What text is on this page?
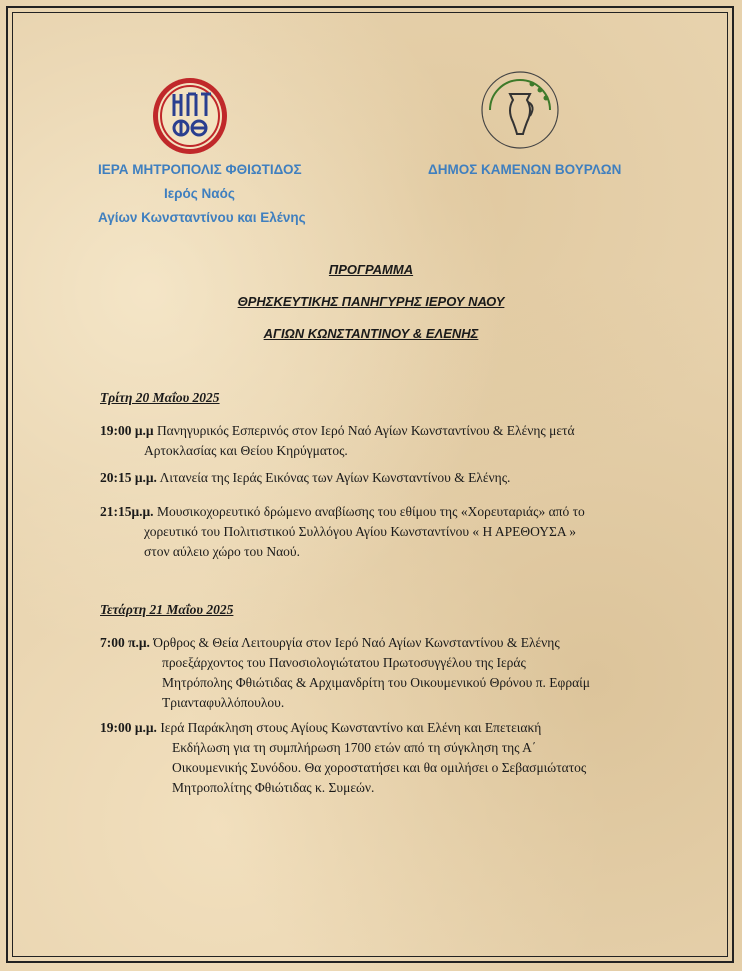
ΙΕΡΑ ΜΗΤΡΟΠΟΛΙΣ ΦΘΙΩΤΙΔΟΣ
Ιερός Ναός
Αγίων Κωνσταντίνου και Ελένης
ΔΗΜΟΣ ΚΑΜΕΝΩΝ ΒΟΥΡΛΩΝ
ΠΡΟΓΡΑΜΜΑ
ΘΡΗΣΚΕΥΤΙΚΗΣ ΠΑΝΗΓΥΡΗΣ ΙΕΡΟΥ ΝΑΟΥ
ΑΓΙΩΝ ΚΩΝΣΤΑΝΤΙΝΟΥ & ΕΛΕΝΗΣ
Τρίτη 20 Μαΐου 2025
19:00 μ.μ Πανηγυρικός Εσπερινός στον Ιερό Ναό Αγίων Κωνσταντίνου & Ελένης μετά
Αρτοκλασίας και Θείου Κηρύγματος.
20:15 μ.μ. Λιτανεία της Ιεράς Εικόνας των Αγίων Κωνσταντίνου & Ελένης.
21:15μ.μ. Μουσικοχορευτικό δρώμενο αναβίωσης του εθίμου της «Χορευταριάς» από το
χορευτικό του Πολιτιστικού Συλλόγου Αγίου Κωνσταντίνου « Η ΑΡΕΘΟΥΣΑ »
στον αύλειο χώρο του Ναού.
Τετάρτη 21 Μαΐου 2025
7:00 π.μ. Όρθρος & Θεία Λειτουργία στον Ιερό Ναό Αγίων Κωνσταντίνου & Ελένης
προεξάρχοντος του Πανοσιολογιώτατου Πρωτοσυγγέλου της Ιεράς
Μητρόπολης Φθιώτιδας & Αρχιμανδρίτη του Οικουμενικού Θρόνου π. Εφραίμ
Τριανταφυλλόπουλου.
19:00 μ.μ. Ιερά Παράκληση στους Αγίους Κωνσταντίνο και Ελένη και Επετειακή
Εκδήλωση για τη συμπλήρωση 1700 ετών από τη σύγκληση της Α΄
Οικουμενικής Συνόδου. Θα χοροστατήσει και θα ομιλήσει ο Σεβασμιώτατος
Μητροπολίτης Φθιώτιδας κ. Συμεών.
